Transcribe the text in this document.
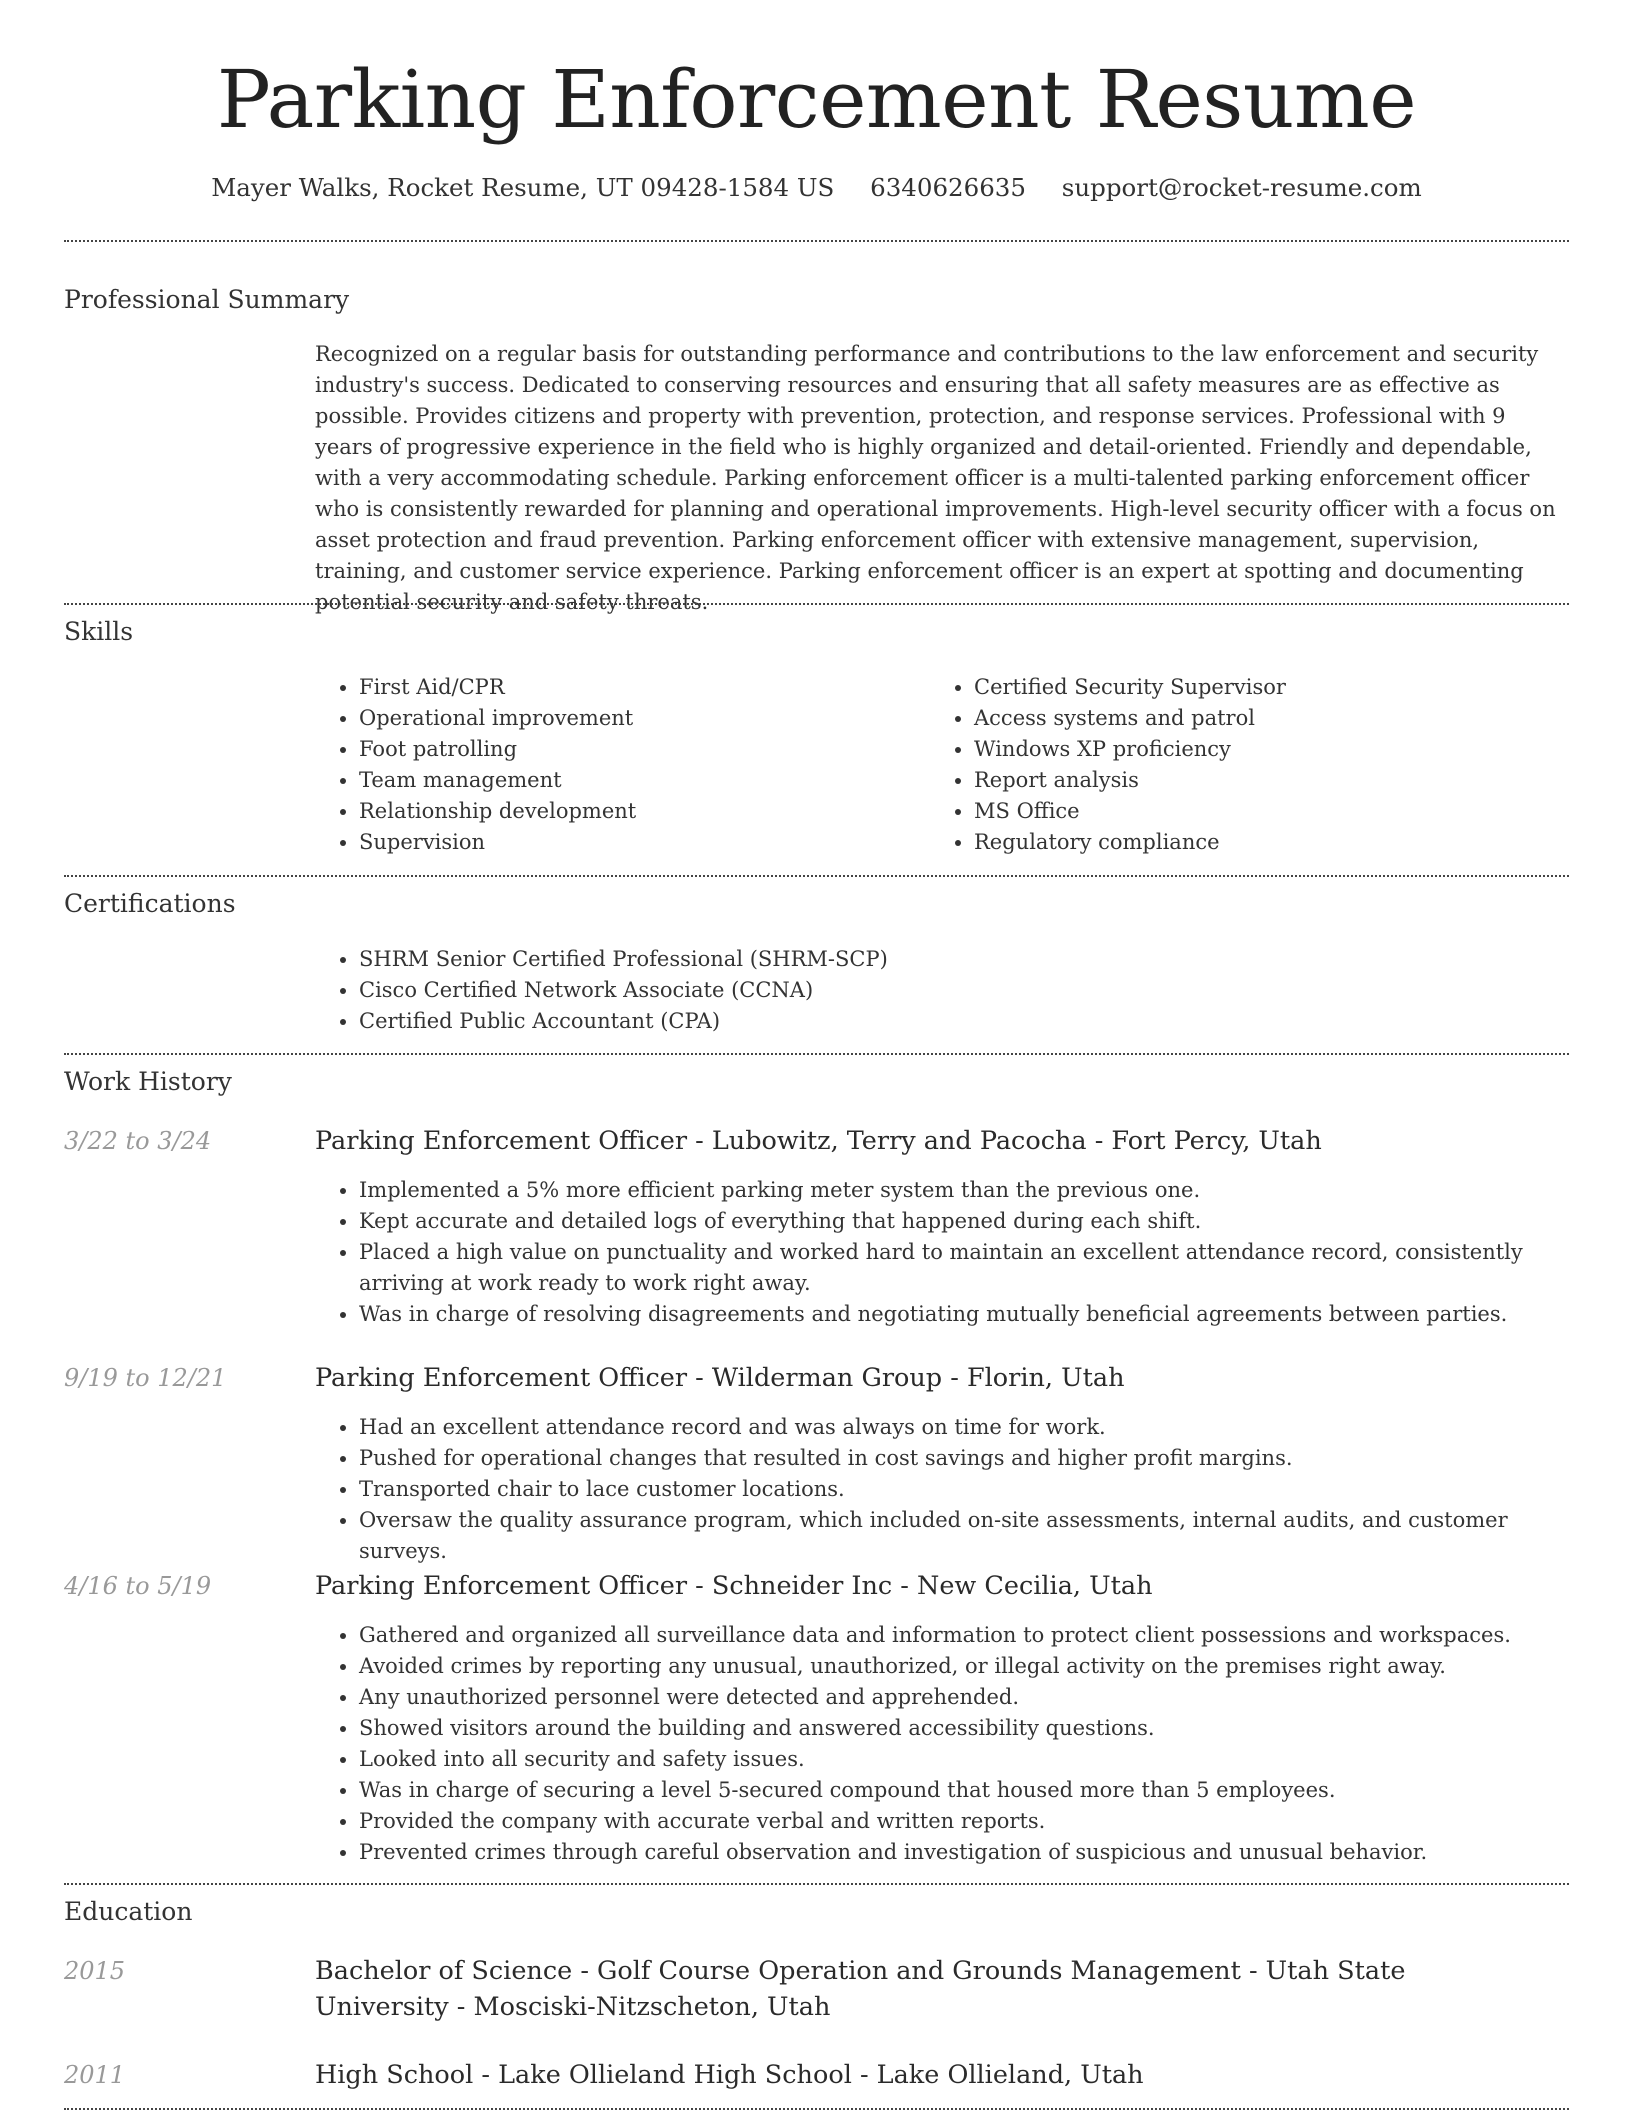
Parking Enforcement Resume
Mayer Walks, Rocket Resume, UT 09428-1584 US 6340626635 support@rocket-resume.com
Professional Summary

Recognized on a regular basis for outstanding performance and contributions to the law enforcement and security industry's success. Dedicated to conserving resources and ensuring that all safety measures are as effective as possible. Provides citizens and property with prevention, protection, and response services. Professional with 9 years of progressive experience in the field who is highly organized and detail-oriented. Friendly and dependable, with a very accommodating schedule. Parking enforcement officer is a multi-talented parking enforcement officer who is consistently rewarded for planning and operational improvements. High-level security officer with a focus on asset protection and fraud prevention. Parking enforcement officer with extensive management, supervision, training, and customer service experience. Parking enforcement officer is an expert at spotting and documenting potential security and safety threats.

Skills
• First Aid/CPR
• Operational improvement
• Foot patrolling
• Team management
• Relationship development
• Supervision
• Certified Security Supervisor
• Access systems and patrol
• Windows XP proficiency
• Report analysis
• MS Office
• Regulatory compliance
Certifications
• SHRM Senior Certified Professional (SHRM-SCP)
• Cisco Certified Network Associate (CCNA)
• Certified Public Accountant (CPA)
Work History
3/22 to 3/24	Parking Enforcement Officer - Lubowitz, Terry and Pacocha - Fort Percy, Utah
• Implemented a 5% more efficient parking meter system than the previous one.
• Kept accurate and detailed logs of everything that happened during each shift.
• Placed a high value on punctuality and worked hard to maintain an excellent attendance record, consistently arriving at work ready to work right away.
• Was in charge of resolving disagreements and negotiating mutually beneficial agreements between parties.
9/19 to 12/21	Parking Enforcement Officer - Wilderman Group - Florin, Utah
• Had an excellent attendance record and was always on time for work.
• Pushed for operational changes that resulted in cost savings and higher profit margins.
• Transported chair to lace customer locations.
• Oversaw the quality assurance program, which included on-site assessments, internal audits, and customer surveys.
4/16 to 5/19	Parking Enforcement Officer - Schneider Inc - New Cecilia, Utah
• Gathered and organized all surveillance data and information to protect client possessions and workspaces.
• Avoided crimes by reporting any unusual, unauthorized, or illegal activity on the premises right away.
• Any unauthorized personnel were detected and apprehended.
• Showed visitors around the building and answered accessibility questions.
• Looked into all security and safety issues.
• Was in charge of securing a level 5-secured compound that housed more than 5 employees.
• Provided the company with accurate verbal and written reports.
• Prevented crimes through careful observation and investigation of suspicious and unusual behavior.
Education
2015	Bachelor of Science - Golf Course Operation and Grounds Management - Utah State University - Mosciski-Nitzscheton, Utah
2011	High School - Lake Ollieland High School - Lake Ollieland, Utah
